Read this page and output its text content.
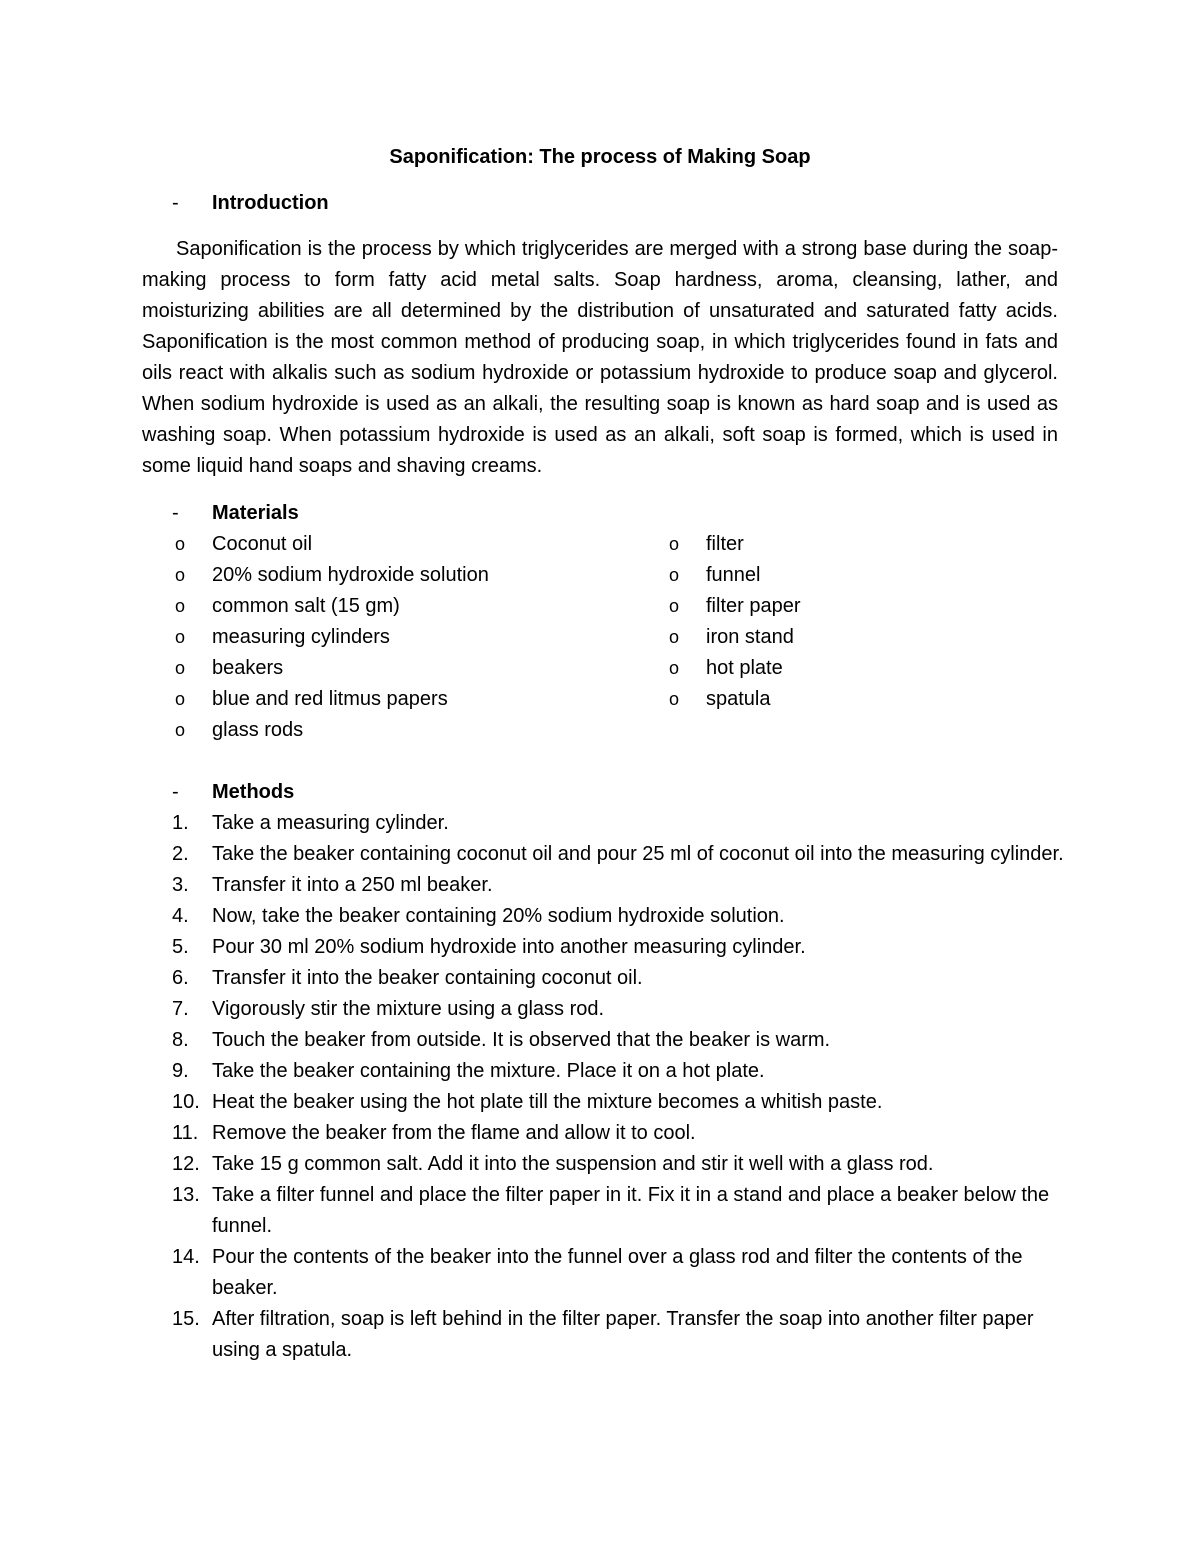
Saponification: The process of Making Soap
- Introduction

Saponification is the process by which triglycerides are merged with a strong base during the soap-making process to form fatty acid metal salts. Soap hardness, aroma, cleansing, lather, and moisturizing abilities are all determined by the distribution of unsaturated and saturated fatty acids. Saponification is the most common method of producing soap, in which triglycerides found in fats and oils react with alkalis such as sodium hydroxide or potassium hydroxide to produce soap and glycerol. When sodium hydroxide is used as an alkali, the resulting soap is known as hard soap and is used as washing soap. When potassium hydroxide is used as an alkali, soft soap is formed, which is used in some liquid hand soaps and shaving creams.

- Materials
o Coconut oil
o 20% sodium hydroxide solution
o common salt (15 gm)
o measuring cylinders
o beakers
o blue and red litmus papers
o glass rods
o filter
o funnel
o filter paper
o iron stand
o hot plate
o spatula
- Methods
1. Take a measuring cylinder.
2. Take the beaker containing coconut oil and pour 25 ml of coconut oil into the measuring cylinder.
3. Transfer it into a 250 ml beaker.
4. Now, take the beaker containing 20% sodium hydroxide solution.
5. Pour 30 ml 20% sodium hydroxide into another measuring cylinder.
6. Transfer it into the beaker containing coconut oil.
7. Vigorously stir the mixture using a glass rod.
8. Touch the beaker from outside. It is observed that the beaker is warm.
9. Take the beaker containing the mixture. Place it on a hot plate.
10. Heat the beaker using the hot plate till the mixture becomes a whitish paste.
11. Remove the beaker from the flame and allow it to cool.
12. Take 15 g common salt. Add it into the suspension and stir it well with a glass rod.
13. Take a filter funnel and place the filter paper in it. Fix it in a stand and place a beaker below the funnel.
14. Pour the contents of the beaker into the funnel over a glass rod and filter the contents of the beaker.
15. After filtration, soap is left behind in the filter paper. Transfer the soap into another filter paper using a spatula.
